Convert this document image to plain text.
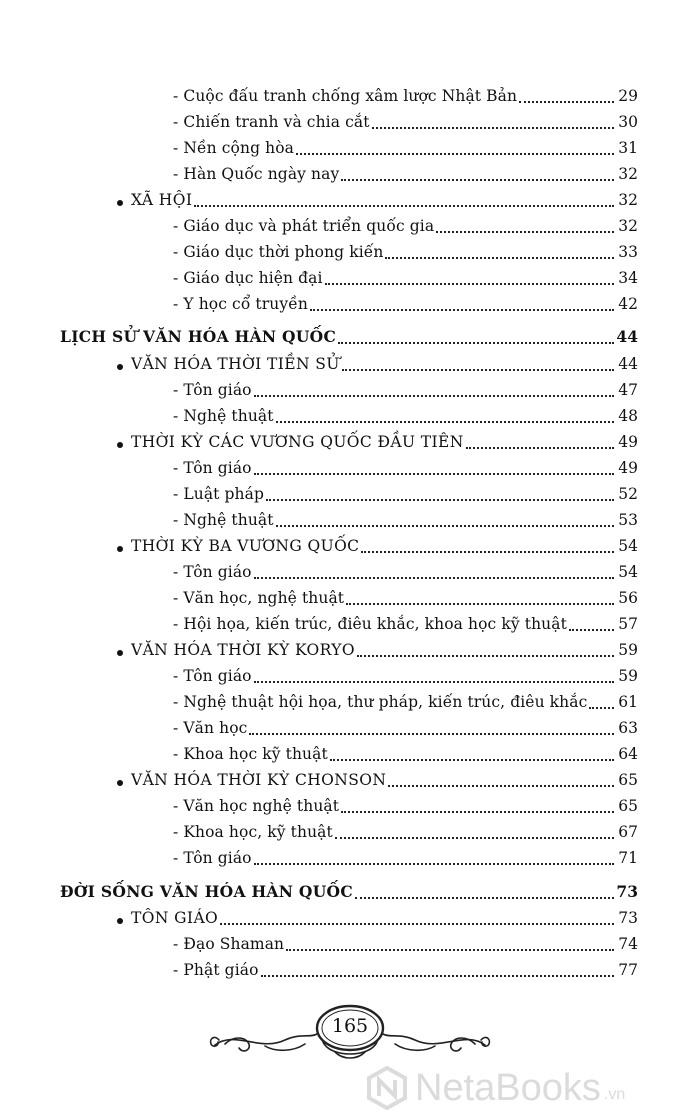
- Cuộc đấu tranh chống xâm lược Nhật Bản	29
- Chiến tranh và chia cắt	30
- Nền cộng hòa	31
- Hàn Quốc ngày nay	32
XÃ HỘI	32
- Giáo dục và phát triển quốc gia	32
- Giáo dục thời phong kiến	33
- Giáo dục hiện đại	34
- Y học cổ truyền	42
LỊCH SỬ VĂN HÓA HÀN QUỐC	44
VĂN HÓA THỜI TIỀN SỬ	44
- Tôn giáo	47
- Nghệ thuật	48
THỜI KỲ CÁC VƯƠNG QUỐC ĐẦU TIÊN	49
- Tôn giáo	49
- Luật pháp	52
- Nghệ thuật	53
THỜI KỲ BA VƯƠNG QUỐC	54
- Tôn giáo	54
- Văn học, nghệ thuật	56
- Hội họa, kiến trúc, điêu khắc, khoa học kỹ thuật	57
VĂN HÓA THỜI KỲ KORYO	59
- Tôn giáo	59
- Nghệ thuật hội họa, thư pháp, kiến trúc, điêu khắc 61
- Văn học	63
- Khoa học kỹ thuật	64
VĂN HÓA THỜI KỲ CHONSON	65
- Văn học nghệ thuật	65
- Khoa học, kỹ thuật	67
- Tôn giáo	71
ĐỜI SỐNG VĂN HÓA HÀN QUỐC	73
TÔN GIÁO	73
- Đạo Shaman	74
- Phật giáo	77
165
NetaBooks .vn
